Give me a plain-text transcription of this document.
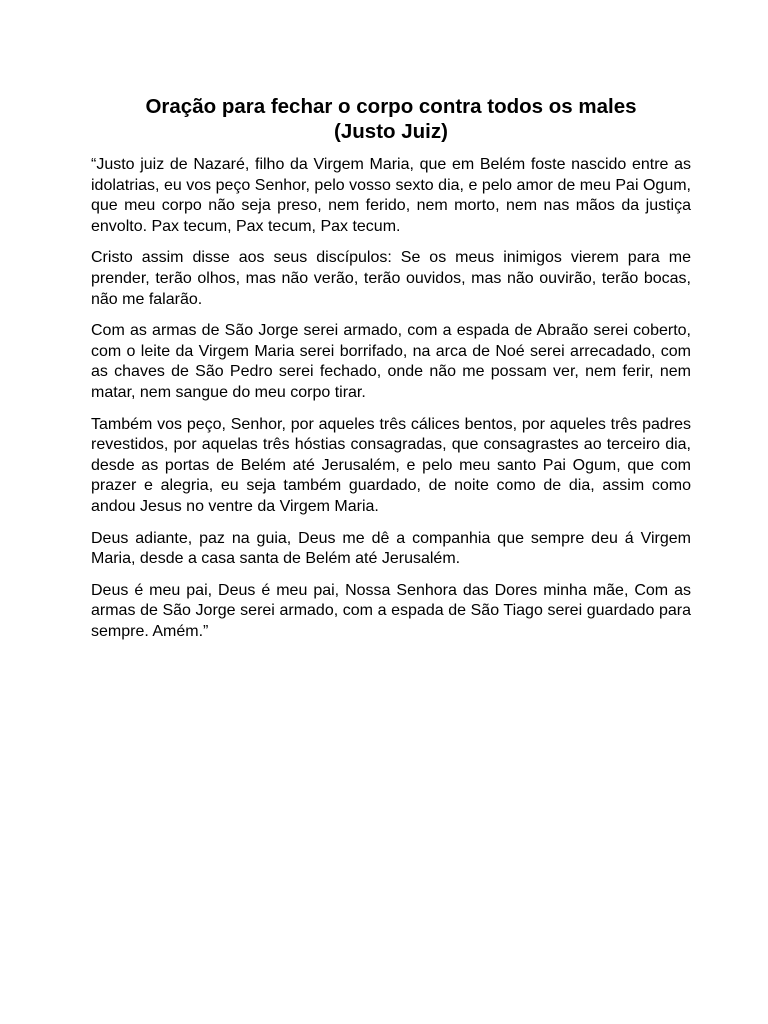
Oração para fechar o corpo contra todos os males
(Justo Juiz)

“Justo juiz de Nazaré, filho da Virgem Maria, que em Belém foste nascido entre as idolatrias, eu vos peço Senhor, pelo vosso sexto dia, e pelo amor de meu Pai Ogum, que meu corpo não seja preso, nem ferido, nem morto, nem nas mãos da justiça envolto. Pax tecum, Pax tecum, Pax tecum.

Cristo assim disse aos seus discípulos: Se os meus inimigos vierem para me prender, terão olhos, mas não verão, terão ouvidos, mas não ouvirão, terão bocas, não me falarão.

Com as armas de São Jorge serei armado, com a espada de Abraão serei coberto, com o leite da Virgem Maria serei borrifado, na arca de Noé serei arrecadado, com as chaves de São Pedro serei fechado, onde não me possam ver, nem ferir, nem matar, nem sangue do meu corpo tirar.

Também vos peço, Senhor, por aqueles três cálices bentos, por aqueles três padres revestidos, por aquelas três hóstias consagradas, que consagrastes ao terceiro dia, desde as portas de Belém até Jerusalém, e pelo meu santo Pai Ogum, que com prazer e alegria, eu seja também guardado, de noite como de dia, assim como andou Jesus no ventre da Virgem Maria.

Deus adiante, paz na guia, Deus me dê a companhia que sempre deu á Virgem Maria, desde a casa santa de Belém até Jerusalém.

Deus é meu pai, Deus é meu pai, Nossa Senhora das Dores minha mãe, Com as armas de São Jorge serei armado, com a espada de São Tiago serei guardado para sempre. Amém.”
